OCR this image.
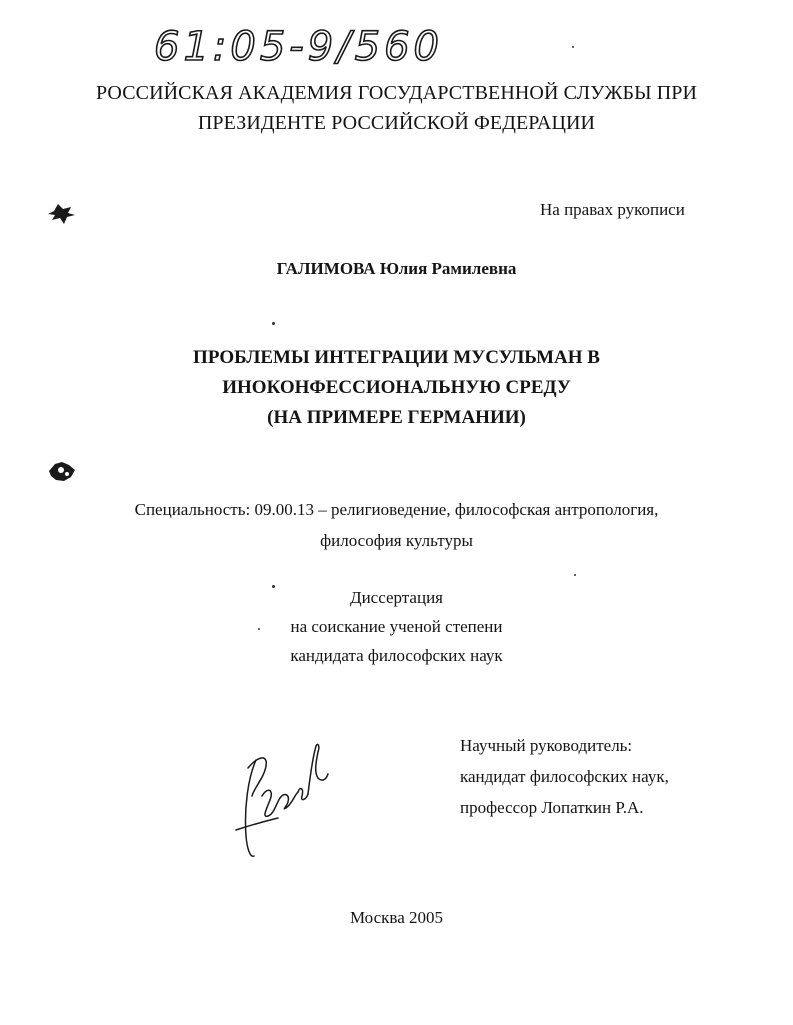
61:05-9/560
РОССИЙСКАЯ АКАДЕМИЯ ГОСУДАРСТВЕННОЙ СЛУЖБЫ ПРИ
ПРЕЗИДЕНТЕ РОССИЙСКОЙ ФЕДЕРАЦИИ
На правах рукописи
ГАЛИМОВА Юлия Рамилевна
ПРОБЛЕМЫ ИНТЕГРАЦИИ МУСУЛЬМАН В
ИНОКОНФЕССИОНАЛЬНУЮ СРЕДУ
(НА ПРИМЕРЕ ГЕРМАНИИ)
Специальность: 09.00.13 – религиоведение, философская антропология,
философия культуры
Диссертация
на соискание ученой степени
кандидата философских наук
Научный руководитель:
кандидат философских наук,
профессор Лопаткин Р.А.
Москва 2005
